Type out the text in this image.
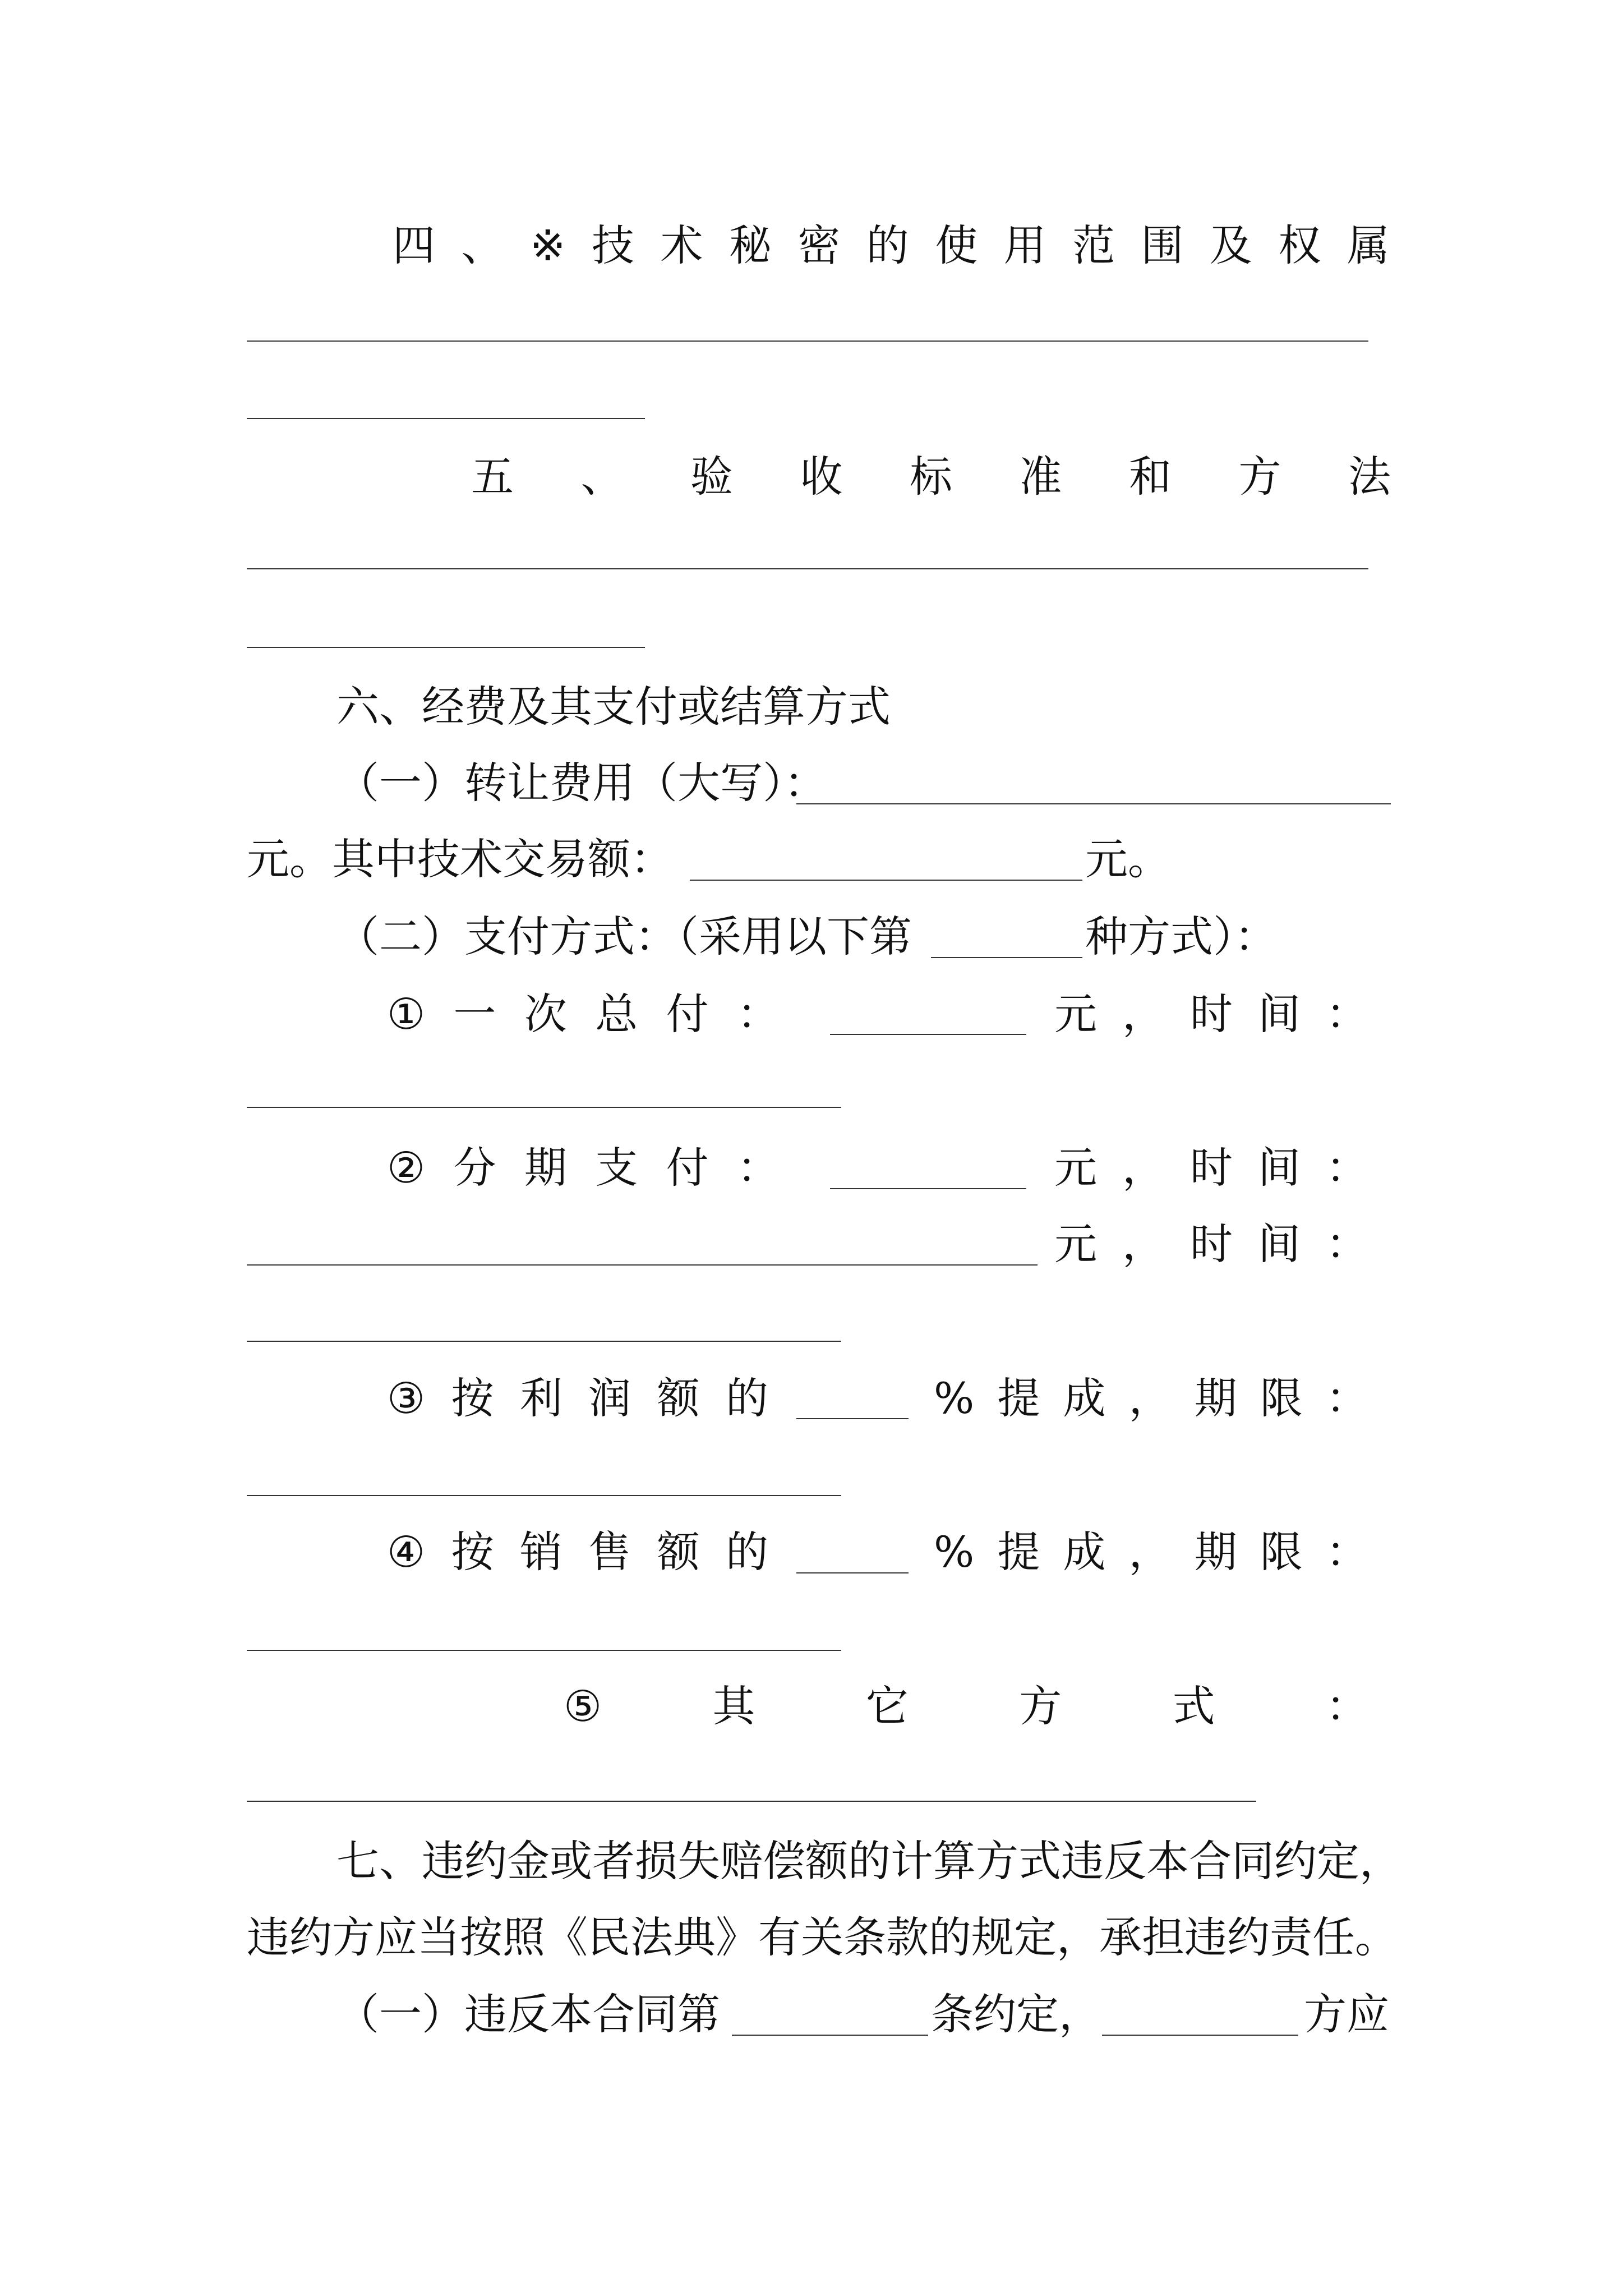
四 、 ※ 技 术 秘 密 的 使 用 范 围 及 权 属
五 、 验 收 标 准 和 方 法
六、经费及其支付或结算方式
（一）转让费用（大写）：
元。其中技术交易额：	元。
（二）支付方式：（采用以下第	种方式）：
① 一 次 总 付 ：	元 ， 时 间 ：
② 分 期 支 付 ：	元 ， 时 间 ：
元 ， 时 间 ：
③ 按 利 润 额 的	% 提 成 ， 期 限 ：
④ 按 销 售 额 的	% 提 成 ， 期 限 ：
⑤	其	它	方	式	：
七、违约金或者损失赔偿额的计算方式违反本合同约定，
违约方应当按照《民法典》有关条款的规定，承担违约责任。
（一）违反本合同第	条约定，	方应
